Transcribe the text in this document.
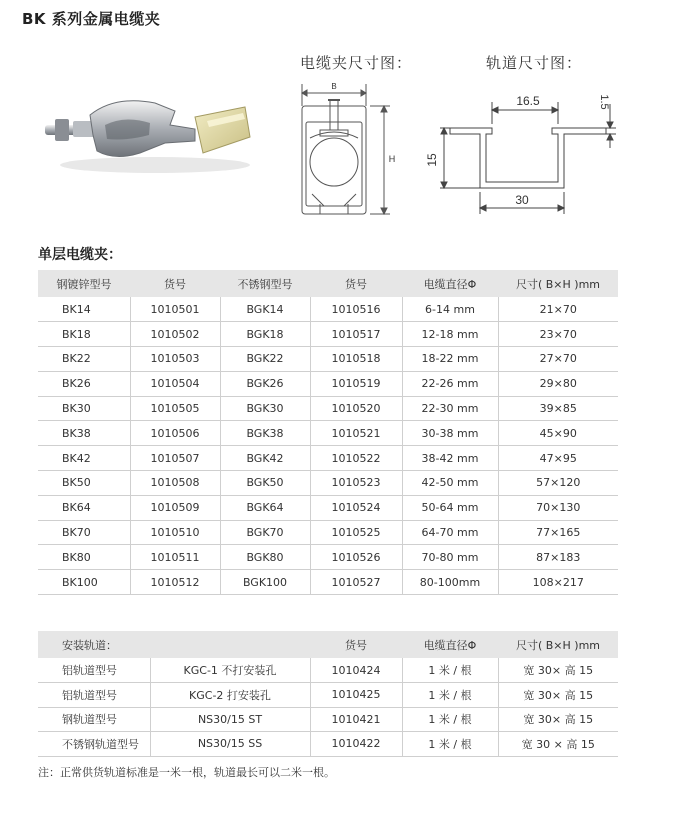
BK 系列金属电缆夹
电缆夹尺寸图：	轨道尺寸图：
B
H
16.5	1.5
15
30
单层电缆夹：
钢镀锌型号	货号	不锈钢型号	货号	电缆直径Φ	尺寸( B×H )mm
BK14	1010501	BGK14	1010516	6-14 mm	21×70
BK18	1010502	BGK18	1010517	12-18 mm	23×70
BK22	1010503	BGK22	1010518	18-22 mm	27×70
BK26	1010504	BGK26	1010519	22-26 mm	29×80
BK30	1010505	BGK30	1010520	22-30 mm	39×85
BK38	1010506	BGK38	1010521	30-38 mm	45×90
BK42	1010507	BGK42	1010522	38-42 mm	47×95
BK50	1010508	BGK50	1010523	42-50 mm	57×120
BK64	1010509	BGK64	1010524	50-64 mm	70×130
BK70	1010510	BGK70	1010525	64-70 mm	77×165
BK80	1010511	BGK80	1010526	70-80 mm	87×183
BK100	1010512	BGK100	1010527	80-100mm	108×217
安装轨道：		货号	电缆直径Φ	尺寸( B×H )mm
铝轨道型号	KGC-1 不打安装孔	1010424	1 米 / 根	宽 30× 高 15
铝轨道型号	KGC-2 打安装孔	1010425	1 米 / 根	宽 30× 高 15
钢轨道型号	NS30/15 ST	1010421	1 米 / 根	宽 30× 高 15
不锈钢轨道型号	NS30/15 SS	1010422	1 米 / 根	宽 30 × 高 15
注：正常供货轨道标准是一米一根，轨道最长可以二米一根。
